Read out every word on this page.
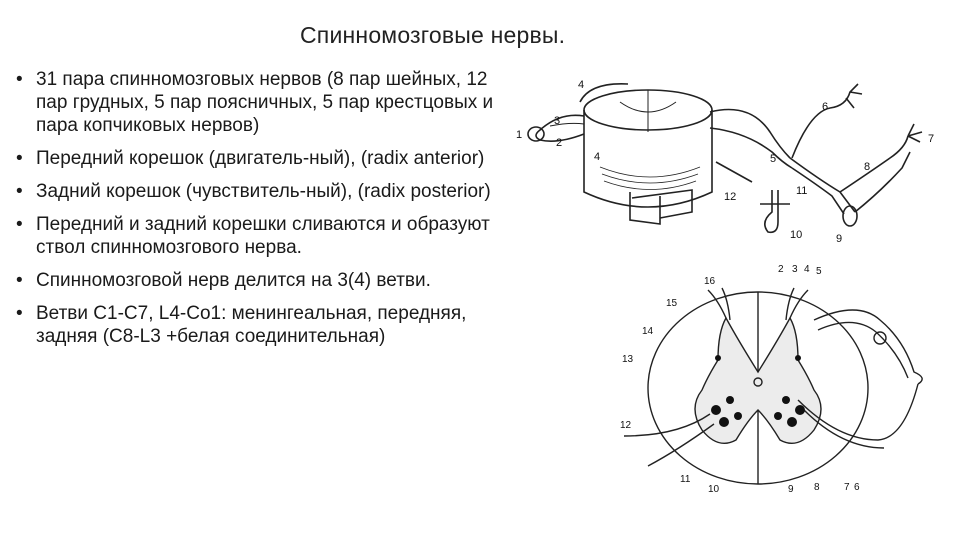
Спинномозговые нервы.
• 31 пара спинномозговых нервов (8 пар шейных, 12 пар грудных, 5 пар поясничных, 5 пар крестцовых и пара копчиковых нервов)
• Передний корешок (двигатель-ный), (radix anterior)
• Задний корешок (чувствитель-ный), (radix posterior)
• Передний и задний корешки сливаются и образуют ствол спинномозгового нерва.
• Спинномозговой нерв делится на 3(4) ветви.
• Ветви C1-C7, L4-Co1: менингеальная, передняя, задняя (C8-L3 +белая соединительная)
1
2
3
4
4	5
6
7
8
9
10
11
12
2 3 4 5
16
15
14
13
12
11
10	9 8 7 6
